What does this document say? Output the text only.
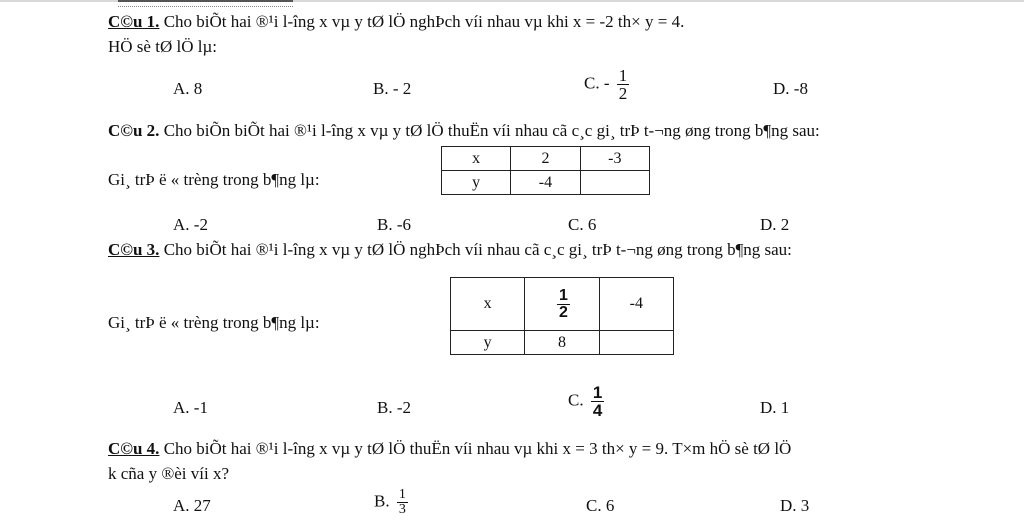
C©u 1. Cho biÕt hai ®¹i l-îng x vµ y tØ lÖ nghÞch víi nhau vµ khi x = -2 th× y = 4.
HÖ sè tØ lÖ lµ:
A. 8	B. - 2	C. - $\frac{1}{2}$	D. -8
C©u 2. Cho biÕn biÕt hai ®¹i l-îng x vµ y tØ lÖ thuËn víi nhau cã c¸c gi¸ trÞ t-¬ng øng trong b¶ng sau:
Gi¸ trÞ ë « trèng trong b¶ng lµ:
x	2	-3
y	-4	
A. -2	B. -6	C. 6	D. 2
C©u 3. Cho biÕt hai ®¹i l-îng x vµ y tØ lÖ nghÞch víi nhau cã c¸c gi¸ trÞ t-¬ng øng trong b¶ng sau:
Gi¸ trÞ ë « trèng trong b¶ng lµ:
x	$\frac{1}{2}$	-4
y	8	
A. -1	B. -2	C. $\frac{1}{4}$	D. 1
C©u 4. Cho biÕt hai ®¹i l-îng x vµ y tØ lÖ thuËn víi nhau vµ khi x = 3 th× y = 9. T×m hÖ sè tØ lÖ
k cña y ®èi víi x?
A. 27	B. $\frac{1}{3}$	C. 6	D. 3
